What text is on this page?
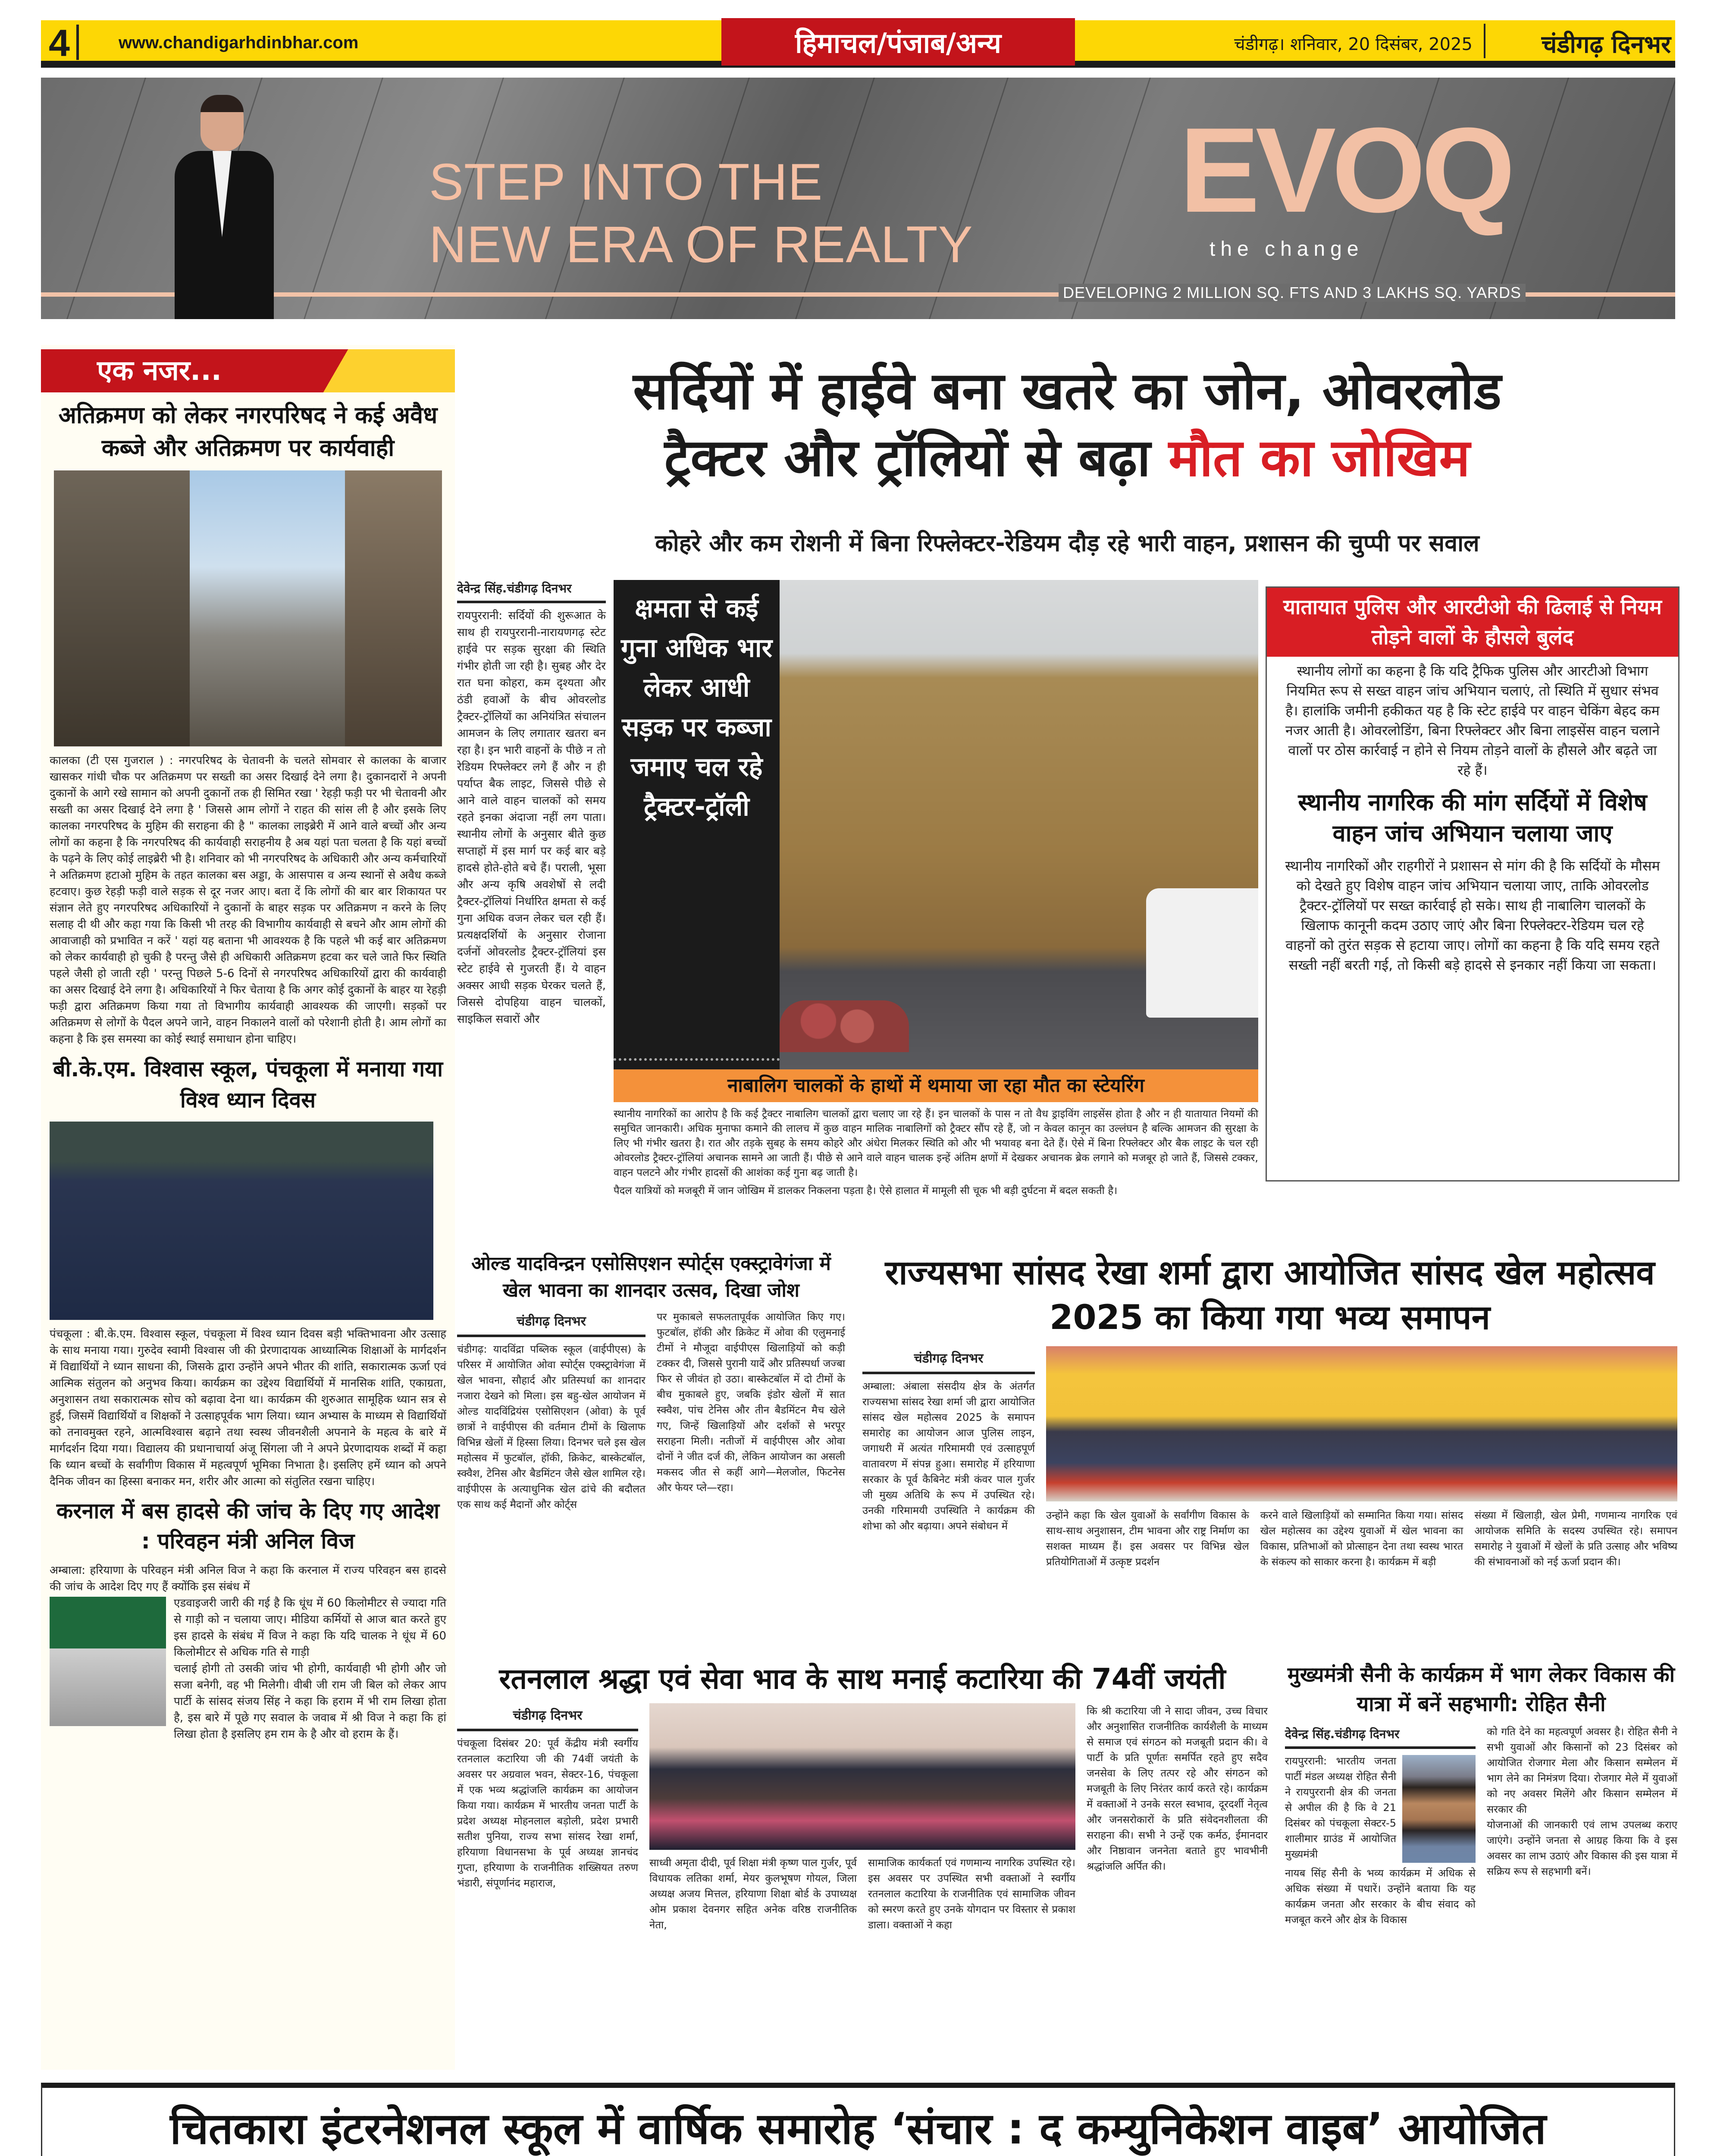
4	www.chandigarhdinbhar.com	हिमाचल/पंजाब/अन्य	चंडीगढ़। शनिवार, 20 दिसंबर, 2025	चंडीगढ़ दिनभर
STEP INTO THE
NEW ERA OF REALTY
EVOQ
the change
DEVELOPING 2 MILLION SQ. FTS AND 3 LAKHS SQ. YARDS
एक नजर...
अतिक्रमण को लेकर नगरपरिषद ने कई अवैध कब्जे और अतिक्रमण पर कार्यवाही
कालका (टी एस गुजराल ) : नगरपरिषद के चेतावनी के चलते सोमवार से कालका के बाजार खासकर गांधी चौक पर अतिक्रमण पर सख्ती का असर दिखाई देने लगा है। दुकानदारों ने अपनी दुकानों के आगे रखे सामान को अपनी दुकानों तक ही सिमित रखा ' रेहड़ी फड़ी पर भी चेतावनी और सख्ती का असर दिखाई देने लगा है ' जिससे आम लोगों ने राहत की सांस ली है और इसके लिए कालका नगरपरिषद के मुहिम की सराहना की है " कालका लाइब्रेरी में आने वाले बच्चों और अन्य लोगों का कहना है कि नगरपरिषद की कार्यवाही सराहनीय है अब यहां पता चलता है कि यहां बच्चों के पढ़ने के लिए कोई लाइब्रेरी भी है। शनिवार को भी नगरपरिषद के अधिकारी और अन्य कर्मचारियों ने अतिक्रमण हटाओ मुहिम के तहत कालका बस अड्डा, के आसपास व अन्य स्थानों से अवैध कब्जे हटवाए। कुछ रेहड़ी फड़ी वाले सड़क से दूर नजर आए। बता दें कि लोगों की बार बार शिकायत पर संज्ञान लेते हुए नगरपरिषद अधिकारियों ने दुकानों के बाहर सड़क पर अतिक्रमण न करने के लिए सलाह दी थी और कहा गया कि किसी भी तरह की विभागीय कार्यवाही से बचने और आम लोगों की आवाजाही को प्रभावित न करें ' यहां यह बताना भी आवश्यक है कि पहले भी कई बार अतिक्रमण को लेकर कार्यवाही हो चुकी है परन्तु जैसे ही अधिकारी अतिक्रमण हटवा कर चले जाते फिर स्थिति पहले जैसी हो जाती रही ' परन्तु पिछले 5-6 दिनों से नगरपरिषद अधिकारियों द्वारा की कार्यवाही का असर दिखाई देने लगा है। अधिकारियों ने फिर चेताया है कि अगर कोई दुकानों के बाहर या रेहड़ी फड़ी द्वारा अतिक्रमण किया गया तो विभागीय कार्यवाही आवश्यक की जाएगी। सड़कों पर अतिक्रमण से लोगों के पैदल अपने जाने, वाहन निकालने वालों को परेशानी होती है। आम लोगों का कहना है कि इस समस्या का कोई स्थाई समाधान होना चाहिए।
बी.के.एम. विश्वास स्कूल, पंचकूला में मनाया गया विश्व ध्यान दिवस
पंचकूला : बी.के.एम. विश्वास स्कूल, पंचकूला में विश्व ध्यान दिवस बड़ी भक्तिभावना और उत्साह के साथ मनाया गया। गुरुदेव स्वामी विश्वास जी की प्रेरणादायक आध्यात्मिक शिक्षाओं के मार्गदर्शन में विद्यार्थियों ने ध्यान साधना की, जिसके द्वारा उन्होंने अपने भीतर की शांति, सकारात्मक ऊर्जा एवं आत्मिक संतुलन को अनुभव किया। कार्यक्रम का उद्देश्य विद्यार्थियों में मानसिक शांति, एकाग्रता, अनुशासन तथा सकारात्मक सोच को बढ़ावा देना था। कार्यक्रम की शुरुआत सामूहिक ध्यान सत्र से हुई, जिसमें विद्यार्थियों व शिक्षकों ने उत्साहपूर्वक भाग लिया। ध्यान अभ्यास के माध्यम से विद्यार्थियों को तनावमुक्त रहने, आत्मविश्वास बढ़ाने तथा स्वस्थ जीवनशैली अपनाने के महत्व के बारे में मार्गदर्शन दिया गया। विद्यालय की प्रधानाचार्या अंजू सिंगला जी ने अपने प्रेरणादायक शब्दों में कहा कि ध्यान बच्चों के सर्वांगीण विकास में महत्वपूर्ण भूमिका निभाता है। इसलिए हमें ध्यान को अपने दैनिक जीवन का हिस्सा बनाकर मन, शरीर और आत्मा को संतुलित रखना चाहिए।
करनाल में बस हादसे की जांच के दिए गए आदेश : परिवहन मंत्री अनिल विज
अम्बाला: हरियाणा के परिवहन मंत्री अनिल विज ने कहा कि करनाल में राज्य परिवहन बस हादसे की जांच के आदेश दिए गए हैं क्योंकि इस संबंध में
एडवाइजरी जारी की गई है कि धूंध में 60 किलोमीटर से ज्यादा गति से गाड़ी को न चलाया जाए। मीडिया कर्मियों से आज बात करते हुए इस हादसे के संबंध में विज ने कहा कि यदि चालक ने धूंध में 60 किलोमीटर से अधिक गति से गाड़ी
चलाई होगी तो उसकी जांच भी होगी, कार्यवाही भी होगी और जो सजा बनेगी, वह भी मिलेगी। वीबी जी राम जी बिल को लेकर आप पार्टी के सांसद संजय सिंह ने कहा कि हराम में भी राम लिखा होता है, इस बारे में पूछे गए सवाल के जवाब में श्री विज ने कहा कि हां लिखा होता है इसलिए हम राम के है और वो हराम के हैं।
सर्दियों में हाईवे बना खतरे का जोन, ओवरलोड
ट्रैक्टर और ट्रॉलियों से बढ़ा मौत का जोखिम
कोहरे और कम रोशनी में बिना रिफ्लेक्टर-रेडियम दौड़ रहे भारी वाहन, प्रशासन की चुप्पी पर सवाल
देवेन्द्र सिंह.चंडीगढ़ दिनभर
रायपुररानी: सर्दियों की शुरूआत के साथ ही रायपुररानी-नारायणगढ़ स्टेट हाईवे पर सड़क सुरक्षा की स्थिति गंभीर होती जा रही है। सुबह और देर रात घना कोहरा, कम दृश्यता और ठंडी हवाओं के बीच ओवरलोड ट्रैक्टर-ट्रॉलियों का अनियंत्रित संचालन आमजन के लिए लगातार खतरा बन रहा है। इन भारी वाहनों के पीछे न तो रेडियम रिफ्लेक्टर लगे हैं और न ही पर्याप्त बैक लाइट, जिससे पीछे से आने वाले वाहन चालकों को समय रहते इनका अंदाजा नहीं लग पाता। स्थानीय लोगों के अनुसार बीते कुछ सप्ताहों में इस मार्ग पर कई बार बड़े हादसे होते-होते बचे हैं। पराली, भूसा और अन्य कृषि अवशेषों से लदी ट्रैक्टर-ट्रॉलियां निर्धारित क्षमता से कई गुना अधिक वजन लेकर चल रही हैं। प्रत्यक्षदर्शियों के अनुसार रोजाना दर्जनों ओवरलोड ट्रैक्टर-ट्रॉलियां इस स्टेट हाईवे से गुजरती हैं। ये वाहन अक्सर आधी सड़क घेरकर चलते हैं, जिससे दोपहिया वाहन चालकों, साइकिल सवारों और
क्षमता से कई गुना अधिक भार लेकर आधी सड़क पर कब्जा जमाए चल रहे ट्रैक्टर-ट्रॉली
नाबालिग चालकों के हाथों में थमाया जा रहा मौत का स्टेयरिंग
स्थानीय नागरिकों का आरोप है कि कई ट्रैक्टर नाबालिग चालकों द्वारा चलाए जा रहे हैं। इन चालकों के पास न तो वैध ड्राइविंग लाइसेंस होता है और न ही यातायात नियमों की समुचित जानकारी। अधिक मुनाफा कमाने की लालच में कुछ वाहन मालिक नाबालिगों को ट्रैक्टर सौंप रहे हैं, जो न केवल कानून का उल्लंघन है बल्कि आमजन की सुरक्षा के लिए भी गंभीर खतरा है। रात और तड़के सुबह के समय कोहरे और अंधेरा मिलकर स्थिति को और भी भयावह बना देते हैं। ऐसे में बिना रिफ्लेक्टर और बैक लाइट के चल रही ओवरलोड ट्रैक्टर-ट्रॉलियां अचानक सामने आ जाती हैं। पीछे से आने वाले वाहन चालक इन्हें अंतिम क्षणों में देखकर अचानक ब्रेक लगाने को मजबूर हो जाते हैं, जिससे टक्कर, वाहन पलटने और गंभीर हादसों की आशंका कई गुना बढ़ जाती है।
पैदल यात्रियों को मजबूरी में जान जोखिम में डालकर निकलना पड़ता है। ऐसे हालात में मामूली सी चूक भी बड़ी दुर्घटना में बदल सकती है।
यातायात पुलिस और आरटीओ की ढिलाई से नियम तोड़ने वालों के हौसले बुलंद
स्थानीय लोगों का कहना है कि यदि ट्रैफिक पुलिस और आरटीओ विभाग नियमित रूप से सख्त वाहन जांच अभियान चलाएं, तो स्थिति में सुधार संभव है। हालांकि जमीनी हकीकत यह है कि स्टेट हाईवे पर वाहन चेकिंग बेहद कम नजर आती है। ओवरलोडिंग, बिना रिफ्लेक्टर और बिना लाइसेंस वाहन चलाने वालों पर ठोस कार्रवाई न होने से नियम तोड़ने वालों के हौसले और बढ़ते जा रहे हैं।
स्थानीय नागरिक की मांग सर्दियों में विशेष वाहन जांच अभियान चलाया जाए
स्थानीय नागरिकों और राहगीरों ने प्रशासन से मांग की है कि सर्दियों के मौसम को देखते हुए विशेष वाहन जांच अभियान चलाया जाए, ताकि ओवरलोड ट्रैक्टर-ट्रॉलियों पर सख्त कार्रवाई हो सके। साथ ही नाबालिग चालकों के खिलाफ कानूनी कदम उठाए जाएं और बिना रिफ्लेक्टर-रेडियम चल रहे वाहनों को तुरंत सड़क से हटाया जाए। लोगों का कहना है कि यदि समय रहते सख्ती नहीं बरती गई, तो किसी बड़े हादसे से इनकार नहीं किया जा सकता।
ओल्ड यादविन्द्रन एसोसिएशन स्पोर्ट्स एक्स्ट्रावेगंजा में खेल भावना का शानदार उत्सव, दिखा जोश
चंडीगढ़ दिनभर
चंडीगढ़: यादविंद्रा पब्लिक स्कूल (वाईपीएस) के परिसर में आयोजित ओवा स्पोर्ट्स एक्स्ट्रावेगंजा में खेल भावना, सौहार्द और प्रतिस्पर्धा का शानदार नजारा देखने को मिला। इस बहु-खेल आयोजन में ओल्ड यादविंद्रियंस एसोसिएशन (ओवा) के पूर्व छात्रों ने वाईपीएस की वर्तमान टीमों के खिलाफ विभिन्न खेलों में हिस्सा लिया। दिनभर चले इस खेल महोत्सव में फुटबॉल, हॉकी, क्रिकेट, बास्केटबॉल, स्क्वैश, टेनिस और बैडमिंटन जैसे खेल शामिल रहे। वाईपीएस के अत्याधुनिक खेल ढांचे की बदौलत एक साथ कई मैदानों और कोर्ट्स
पर मुकाबले सफलतापूर्वक आयोजित किए गए। फुटबॉल, हॉकी और क्रिकेट में ओवा की एलुमनाई टीमों ने मौजूदा वाईपीएस खिलाड़ियों को कड़ी टक्कर दी, जिससे पुरानी यादें और प्रतिस्पर्धा जज्बा फिर से जीवंत हो उठा। बास्केटबॉल में दो टीमों के बीच मुकाबले हुए, जबकि इंडोर खेलों में सात स्क्वैश, पांच टेनिस और तीन बैडमिंटन मैच खेले गए, जिन्हें खिलाड़ियों और दर्शकों से भरपूर सराहना मिली। नतीजों में वाईपीएस और ओवा दोनों ने जीत दर्ज की, लेकिन आयोजन का असली मकसद जीत से कहीं आगे—मेलजोल, फिटनेस और फेयर प्ले—रहा।
राज्यसभा सांसद रेखा शर्मा द्वारा आयोजित सांसद खेल महोत्सव 2025 का किया गया भव्य समापन
चंडीगढ़ दिनभर
अम्बाला: अंबाला संसदीय क्षेत्र के अंतर्गत राज्यसभा सांसद रेखा शर्मा जी द्वारा आयोजित सांसद खेल महोत्सव 2025 के समापन समारोह का आयोजन आज पुलिस लाइन, जगाधरी में अत्यंत गरिमामयी एवं उत्साहपूर्ण वातावरण में संपन्न हुआ। समारोह में हरियाणा सरकार के पूर्व कैबिनेट मंत्री कंवर पाल गुर्जर जी मुख्य अतिथि के रूप में उपस्थित रहे। उनकी गरिमामयी उपस्थिति ने कार्यक्रम की शोभा को और बढ़ाया। अपने संबोधन में
उन्होंने कहा कि खेल युवाओं के सर्वांगीण विकास के साथ-साथ अनुशासन, टीम भावना और राष्ट्र निर्माण का सशक्त माध्यम हैं। इस अवसर पर विभिन्न खेल प्रतियोगिताओं में उत्कृष्ट प्रदर्शन
करने वाले खिलाड़ियों को सम्मानित किया गया। सांसद खेल महोत्सव का उद्देश्य युवाओं में खेल भावना का विकास, प्रतिभाओं को प्रोत्साहन देना तथा स्वस्थ भारत के संकल्प को साकार करना है। कार्यक्रम में बड़ी
संख्या में खिलाड़ी, खेल प्रेमी, गणमान्य नागरिक एवं आयोजक समिति के सदस्य उपस्थित रहे। समापन समारोह ने युवाओं में खेलों के प्रति उत्साह और भविष्य की संभावनाओं को नई ऊर्जा प्रदान की।
रतनलाल श्रद्धा एवं सेवा भाव के साथ मनाई कटारिया की 74वीं जयंती
चंडीगढ़ दिनभर
पंचकूला दिसंबर 20: पूर्व केंद्रीय मंत्री स्वर्गीय रतनलाल कटारिया जी की 74वीं जयंती के अवसर पर अग्रवाल भवन, सेक्टर-16, पंचकूला में एक भव्य श्रद्धांजलि कार्यक्रम का आयोजन किया गया। कार्यक्रम में भारतीय जनता पार्टी के प्रदेश अध्यक्ष मोहनलाल बड़ोली, प्रदेश प्रभारी सतीश पुनिया, राज्य सभा सांसद रेखा शर्मा, हरियाणा विधानसभा के पूर्व अध्यक्ष ज्ञानचंद गुप्ता, हरियाणा के राजनीतिक शख्सियत तरुण भंडारी, संपूर्णानंद महाराज,
साध्वी अमृता दीदी, पूर्व शिक्षा मंत्री कृष्ण पाल गुर्जर, पूर्व विधायक लतिका शर्मा, मेयर कुलभूषण गोयल, जिला अध्यक्ष अजय मित्तल, हरियाणा शिक्षा बोर्ड के उपाध्यक्ष ओम प्रकाश देवनगर सहित अनेक वरिष्ठ राजनीतिक नेता,
सामाजिक कार्यकर्ता एवं गणमान्य नागरिक उपस्थित रहे। इस अवसर पर उपस्थित सभी वक्ताओं ने स्वर्गीय रतनलाल कटारिया के राजनीतिक एवं सामाजिक जीवन को स्मरण करते हुए उनके योगदान पर विस्तार से प्रकाश डाला। वक्ताओं ने कहा
कि श्री कटारिया जी ने सादा जीवन, उच्च विचार और अनुशासित राजनीतिक कार्यशैली के माध्यम से समाज एवं संगठन को मजबूती प्रदान की। वे पार्टी के प्रति पूर्णतः समर्पित रहते हुए सदैव जनसेवा के लिए तत्पर रहे और संगठन को मजबूती के लिए निरंतर कार्य करते रहे। कार्यक्रम में वक्ताओं ने उनके सरल स्वभाव, दूरदर्शी नेतृत्व और जनसरोकारों के प्रति संवेदनशीलता की सराहना की। सभी ने उन्हें एक कर्मठ, ईमानदार और निष्ठावान जननेता बताते हुए भावभीनी श्रद्धांजलि अर्पित की।
मुख्यमंत्री सैनी के कार्यक्रम में भाग लेकर विकास की यात्रा में बनें सहभागी: रोहित सैनी
देवेन्द्र सिंह.चंडीगढ़ दिनभर
रायपुररानी: भारतीय जनता पार्टी मंडल अध्यक्ष रोहित सैनी ने रायपुररानी क्षेत्र की जनता से अपील की है कि वे 21 दिसंबर को पंचकूला सेक्टर-5 शालीमार ग्राउंड में आयोजित मुख्यमंत्री
नायब सिंह सैनी के भव्य कार्यक्रम में अधिक से अधिक संख्या में पधारें। उन्होंने बताया कि यह कार्यक्रम जनता और सरकार के बीच संवाद को मजबूत करने और क्षेत्र के विकास
को गति देने का महत्वपूर्ण अवसर है। रोहित सैनी ने सभी युवाओं और किसानों को 23 दिसंबर को आयोजित रोजगार मेला और किसान सम्मेलन में भाग लेने का निमंत्रण दिया। रोजगार मेले में युवाओं को नए अवसर मिलेंगे और किसान सम्मेलन में सरकार की
योजनाओं की जानकारी एवं लाभ उपलब्ध कराए जाएंगे। उन्होंने जनता से आग्रह किया कि वे इस अवसर का लाभ उठाएं और विकास की इस यात्रा में सक्रिय रूप से सहभागी बनें।
चितकारा इंटरनेशनल स्कूल में वार्षिक समारोह ‘संचार : द कम्युनिकेशन वाइब’ आयोजित
